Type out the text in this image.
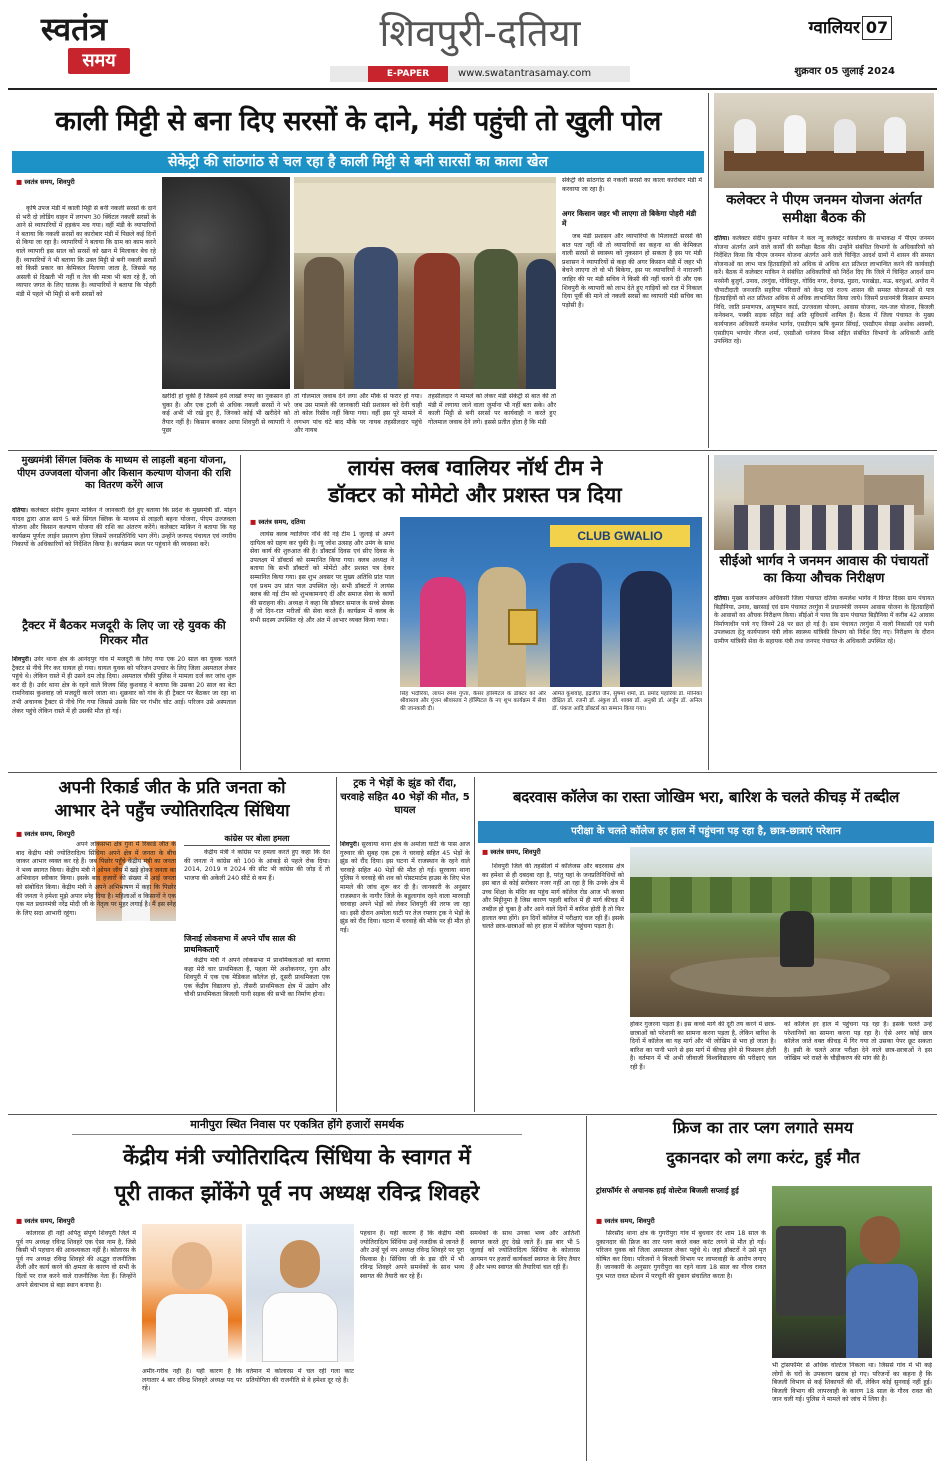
स्वतंत्र
समय
शिवपुरी-दतिया
E-PAPER	www.swatantrasamay.com
ग्वालियर 07
शुक्रवार 05 जुलाई 2024
काली मिट्टी से बना दिए सरसों के दाने, मंडी पहुंची तो खुली पोल
सेकेट्री की सांठगांठ से चल रहा है काली मिट्टी से बनी सारसों का काला खेल
■ स्वतंत्र समय, शिवपुरी
कृषि उपज मंडी में काली मिट्टी से बनी नकली सरसों के दाने से भरी दो लोडिंग वाहन में लगभग 30 क्विंटल नकली सरसों के आने से व्यापारियों में हड़कंप मच गया। वहीं मंडी के व्यापारियों ने बताया कि नकली सरसों का कारोबार मंडी में पिछले कई दिनों से किया जा रहा है। व्यापारियों ने बताया कि ग्राम का काम करने वाले व्यापारी इस साल को सरसों को खान में मिलाकर बेच रहे हैं। व्यापारियों ने भी बताया कि उक्त मिट्टी से बनी नकली सरसों को किसी प्रकार का केमिकल मिलाया जाता है, जिससे यह असली से दिखती भी नहीं व तेल की मात्रा भी बता रहे हैं, जो व्यापार जगत के लिए घातक है। व्यापारियों ने बताया कि पोहरी मंडी में पहले भी मिट्टी से बनी सरसों को
खरीदी हो चुकी है जिसमें हमें लाखों रुपए का नुकसान हो चुका है। और एक ट्राली से अधिक नकली सरसों ने भरे कई अभी भी रखे हुए हैं, जिनको कोई भी खरीदेने को तैयार नहीं है। किसान बनकर आया शिवपुरी से व्यापारी ने पूछा
तो गोलमाल जवाब देने लगा और मौके से फरार हो गया। जब उस मामले की जानकारी मंडी प्रशासन को देनी चाही तो कोल रिसीव नहीं किया गया। वहीं इस पूरे मामले में लगभग पांच घंटे बाद मौके पर नायब तहसीलदार पहुंचे और नायब
तहसीलदार ने मामले को लेकर मंडी सेकेट्री से बात की तो मंडी में लगाया जाने वाला जुर्माना भी नहीं बता सके। और काली मिट्टी से बनी सरसों पर कार्यवाही न करते हुए गोलमाल जवाब देने लगे। इससे प्रतीत होता है कि मंडी
सेकेट्री की सांठगांठ से नकली सरसों का काला कारोबार मंडी में करवाया जा रहा है।
अगर किसान जहर भी लाएगा तो बिकेगा पोहरी मंडी में
जब मंडी प्रशासन और व्यापारियों के मिलावटी सरसों की बात पता नहीं थी तो व्यापारियों का कहना था की केमिकल वाली सरसों से स्वास्थ्य को नुकसान हो सकता है इस पर मंडी प्रशासन ने व्यापारियों से कहा की अगर किसान मंडी में जहर भी बेचने लाएगा तो वो भी बिकेगा, इस पर व्यापारियों ने नाराजगी जाहिर की पर मंडी सचिव ने किसी की नहीं चलने दी और एक शिवपुरी के व्यापारी को लाभ देते हुए गाड़ियों को रात में निकाल दिया पूर्वी की माने तो नकली सरसों का व्यापारी मंडी सचिव का पड़ोसी है।
कलेक्टर ने पीएम जनमन योजना अंतर्गत समीक्षा बैठक की
दतिया। कलेक्टर संदीप कुमार माकिन ने कल न्यू कलेक्ट्रेट कार्यालय के सभाकक्ष में पीएम जनमन योजना अंतर्गत आने वाले कार्यों की समीक्षा बैठक की। उन्होंने संबंधित विभागों के अधिकारियों को निर्देशित किया कि पीएम जनमन योजना अंतर्गत आने वाले चिन्हित आदर्श ग्रामों में शासन की समस्त योजनाओं का लाभ पात्र हितग्राहियों को अधिक से अधिक शत प्रतिशत लाभान्वित करने की कार्यवाही करें। बैठक में कलेक्टर माकिन ने संबंधित अधिकारियों को निर्देश दिए कि जिले में चिन्हित आदर्श ग्राम मरसेनी बुजुर्ग, उनाव, तरगुंवा, गोविंदपुर, गोविंद नगर, देवगढ़, मुडरा, पारखेड़ा, मऊ, बरधुआं, अगोरा में चौपाटीदाती जनजाति सहरिया परिवारों को केन्द्र एवं राज्य शासन की समस्त योजनाओं से पात्र हितग्राहियों को शत प्रतिशत अधिक से अधिक लाभान्वित किया जाये। जिसमें प्रधानमंत्री किसान सम्मान निधि, जाति प्रमाणपत्र, आयुष्मान कार्ड, उज्जवला योजना, आवास योजना, नल-जल योजना, बिजली कनेक्शन, पक्की सड़क सहित कई अति सुविधायें शामिल हैं। बैठक में जिला पंचायत के मुख्य कार्यपालन अधिकारी कमलेश भार्गव, एसडीएम ऋषि कुमार सिंघई, एसडीएम सेवढ़ा अशोक अवस्थी, एसडीएम भाण्डेर नीरज शर्मा, एसडीओ धनंजय मिश्रा सहित संबंधित विभागों के अधिकारी आदि उपस्थित रहे।
मुख्यमंत्री सिंगल क्लिक के माध्यम से लाड़ली बहना योजना, पीएम उज्जवला योजना और किसान कल्याण योजना की राशि का वितरण करेंगे आज
दतिया। कलेक्टर संदीप कुमार माकिन ने जानकारी देते हुए बताया कि प्रदेश के मुख्यमंत्री डॉ. मोहन यादव द्वारा आज सायं 5 बजे सिंगल क्लिक के माध्यम से लाड़ली बहना योजना, पीएम उज्जवला योजना और किसान कल्याण योजना की राशि का अंतरण करेंगे। कलेक्टर माकिन ने बताया कि यह कार्यक्रम पूर्णतः लाईन प्रसारण होगा जिसमें जनप्रतिनिधि भाग लेंगे। उन्होंने जनपद पंचायत एवं नगरीय निकायों के अधिकारियों को निर्देशित किया है। कार्यक्रम स्थल पर पहुंचाने की व्यवस्था करें।
ट्रैक्टर में बैठकर मजदूरी के लिए जा रहे युवक की गिरकर मौत
शिवपुरी। उर्वर थाना क्षेत्र के आनंदपुर गांव में मजदूरी के लिए गया एक 20 साल का युवक चलते ट्रैक्टर से नीचे गिर कर घायल हो गया। घायल युवक को परिजन उपचार के लिए जिला अस्पताल लेकर पहुंचे थे। लेकिन रास्ते में ही उसने दम तोड़ दिया। अस्पताल चौकी पुलिस ने मामला दर्ज कर जांच शुरू कर दी है। उर्वर थाना क्षेत्र के रहने वाले विजय सिंह कुशवाह ने बताया कि उसका 20 साल का बेटा रामनिवास कुशवाह जो मजदूरी करने जाता था। शुक्रवार को गांव के ही ट्रैक्टर पर बैठकर जा रहा था तभी अचानक ट्रैक्टर से नीचे गिर गया जिससे उसके सिर पर गंभीर चोट आई। परिजन उसे अस्पताल लेकर पहुंचे लेकिन रास्ते में ही उसकी मौत हो गई।
लायंस क्लब ग्वालियर नॉर्थ टीम ने
डॉक्टर को मोमेटो और प्रशस्त पत्र दिया
■ स्वतंत्र समय, दतिया
लायंस क्लब ग्वालियर नॉर्थ की नई टीम 1 जुलाई से अपने दायित्व को ग्रहण कर चुकी है। न्यू जोश उत्साह और उमंग के साथ सेवा कार्य की शुरुआत की है। डॉक्टर्स दिवस एवं सीए दिवस के उपलक्ष्य में डॉक्टर्स को सम्मानित किया गया। क्लब अध्यक्ष ने बताया कि सभी डॉक्टरों को मोमेंटो और प्रशस्त पत्र देकर सम्मानित किया गया। इस शुभ अवसर पर मुख्य अतिथि प्रांत पाल एवं प्रथम उप प्रांत पाल उपस्थित रहे। सभी डॉक्टरों ने लायंस क्लब की नई टीम को शुभकामनाएं दीं और समाज सेवा के कार्यों की सराहना की। अध्यक्ष ने कहा कि डॉक्टर समाज के सच्चे सेवक हैं जो दिन-रात मरीजों की सेवा करते हैं। कार्यक्रम में क्लब के सभी सदस्य उपस्थित रहे और अंत में आभार व्यक्त किया गया।
CLUB GWALIO
सिंह भदौरिया, लायन रमेश गुप्ता, कैंसर हॉस्पिटल के डॉक्टर को और श्रीवास्तव और गुंजन श्रीवास्तव ने हॉस्पिटल के नए शुभ कार्यक्रम में सेवा की जानकारी दी।
अमित कुशवाह, इंद्रजीत जैन, सुषमा शर्मा, डॉ. प्रमोद पहारिया डॉ. मोनिका दीक्षित डॉ. रजनी डॉ. अंकुश डॉ. शाक्य डॉ. अनुश्री डॉ. अर्जुन डॉ. अनिल डॉ. पंकज आदि डॉक्टर्स का सम्मान किया गया।
सीईओ भार्गव ने जनमन आवास की पंचायतों का किया औचक निरीक्षण
दतिया। मुख्य कार्यपालन अधिकारी जिला पंचायत दतिया कमलेश भार्गव ने विगत दिवस ग्राम पंचायत बिड़ौनिया, उनाव, खरसाई एवं ग्राम पंचायत तरगुंवा में प्रधानमंत्री जनमन आवास योजना के हितग्राहियों के आवासों का औचक निरीक्षण किया। सीईओ ने पाया कि ग्राम पंचायत बिड़ौनिया में करीब 42 आवास निर्माणाधीन पाये गए जिनमें 28 पर छत हो गई है। ग्राम पंचायत तरगुंवा में नालों निकासी एवं पानी उपलब्धता हेतु कार्यपालन यंत्री लोक स्वास्थ्य यांत्रिकी विभाग को निर्देश दिए गए। निरीक्षण के दौरान ग्रामीण यांत्रिकी सेवा के सहायक यंत्री तथा जनपद पंचायत के अधिकारी उपस्थित रहे।
अपनी रिकार्ड जीत के प्रति जनता को
आभार देने पहुँच ज्योतिरादित्य सिंधिया
■ स्वतंत्र समय, शिवपुरी
अपने लोकसभा क्षेत्र गुना में रिकार्ड जीत के बाद केंद्रीय मंत्री ज्योतिरादित्य सिंधिया अपने क्षेत्र में जनता के बीच जाकर आभार व्यक्त कर रहे हैं। जब पिछोर पहुँचे केंद्रीय मंत्री का जनता ने भव्य स्वागत किया। केंद्रीय मंत्री ने ओपन जीप में खड़े होकर जनता का अभिवादन स्वीकार किया। इसके बाद हजारों की संख्या में आई जनता को संबोधित किया। केंद्रीय मंत्री ने अपने अभिभाषण में कहा कि पिछोर की जनता ने हमेशा मुझे अपार स्नेह दिया है। महिलाओं व किसानों ने एक एक मत प्रधानमंत्री नरेंद्र मोदी जी के नेतृत्व पर मुहर लगाई है। मैं इस स्नेह के लिए सदा आभारी रहूंगा।
कांग्रेस पर बोला हमला
केंद्रीय मंत्री ने कांग्रेस पर हमला करते हुए कहा कि देश की जनता ने कांग्रेस को 100 के आंकड़े से पहले रोक दिया। 2014, 2019 व 2024 की सीट भी कांग्रेस की जोड़ दें तो भाजपा की अकेली 240 सीटें से कम हैं।
जिनाई लोकसभा में अपने पाँच साल की प्राथमिकताएँ
केंद्रीय मंत्री ने अपने लोकसभा में प्राथमिकताओं को बताया कहा मेरी चार प्राथमिकता हैं, पहला मेरे अशोकनगर, गुना और शिवपुरी में एक एक मेडिकल कॉलेज हो, दूसरी प्राथमिकता एक एक केंद्रीय विद्यालय हो, तीसरी प्राथमिकता क्षेत्र में उद्योग और चौथी प्राथमिकता बिजली पानी सड़क की सभी का निर्माण होना।
ट्रक ने भेड़ों के झुंड को रौंदा, चरवाहे सहित 40 भेड़ों की मौत, 5 घायल
शिवपुरी। सुरवाया थाना क्षेत्र के अमोला घाटी के पास आज गुरुवार की सुबह एक ट्रक ने चरवाहे सहित 45 भेड़ों के झुंड को रौंद दिया। इस घटना में राजस्थान के रहने वाले चरवाहे सहित 40 भेड़ों की मौत हो गई। सुरवाया थाना पुलिस ने चरवाहे की शव को पोस्टमार्टम हाउस के लिए भेज मामले की जांच शुरू कर दी है। जानकारी के अनुसार राजस्थान के नागौर जिले के बडूलागांव रहने वाला मारवाड़ी चरवाहा अपने भेड़ों को लेकर शिवपुरी की तरफ जा रहा था। इसी दौरान अमोला घाटी पर तेज रफ्तार ट्रक ने भेड़ों के झुंड को रौंद दिया। घटना में चरवाहे की मौके पर ही मौत हो गई।
बदरवास कॉलेज का रास्ता जोखिम भरा, बारिश के चलते कीचड़ में तब्दील
परीक्षा के चलते कॉलेज हर हाल में पहुंचना पड़ रहा है, छात्र-छात्राएं परेशान
■ स्वतंत्र समय, शिवपुरी
शिवपुरी जिले की तहसीलों में कॉलेजस और बदरवास क्षेत्र का हमेशा से ही दबदबा रहा है, परंतु यहां के जनप्रतिनिधियों को इस बात से कोई सरोकार नजर नहीं आ रहा है कि उनके क्षेत्र में उच्च शिक्षा के मंदिर का पहुंच मार्ग कॉलेज रोड आज भी कच्चा और मिट्टीनुमा है जिस कारण पहली बारिश में ही मार्ग कीचड़ में तब्दील हो चुका है और आने वाले दिनों में बारिश होती है तो फिर हालात क्या होंगे। इन दिनों कॉलेज में परीक्षाएं चल रही हैं। इसके चलते छात्र-छात्राओं को हर हाल में कॉलेज पहुंचना पड़ता है।
होकर गुजरना पड़ता है। इस कच्चे मार्ग की दूरी तय करने में छात्र-छात्राओं को परेशानी का सामना करना पड़ता है, लेकिन बारिश के दिनों में कॉलेज का यह मार्ग और भी जोखिम से भरा हो जाता है। बारिश का पानी भरने से इस मार्ग में कीचड़ होने से फिसलन होती है। वर्तमान में भी अभी जीवाजी विश्वविद्यालय की परीक्षाएं चल रही हैं।
को कॉलेज हर हाल में पहुंचना पड़ रहा है। इसके चलते उन्हें परेशानियों का सामना करना पड़ रहा है। ऐसे अगर कोई छात्र कॉलेज जाते वक्त कीचड़ में गिर गया तो उसका पेपर छूट सकता है। इसी के चलते आज परीक्षा देने वाले छात्र-छात्राओं ने इस जोखिम भरे रास्ते के चौड़ीकरण की मांग की है।
मानीपुरा स्थित निवास पर एकत्रित होंगे हजारों समर्थक
केंद्रीय मंत्री ज्योतिरादित्य सिंधिया के स्वागत में
पूरी ताकत झोंकेंगे पूर्व नप अध्यक्ष रविन्द्र शिवहरे
■ स्वतंत्र समय, शिवपुरी
कोलारस ही नहीं अपितु संपूर्ण शिवपुरी जिले में पूर्व नप अध्यक्ष रविन्द्र शिवहरे एक ऐसा नाम है, जिसे किसी भी पहचान की आवश्यकता नहीं है। कोलारस के पूर्व नप अध्यक्ष रविन्द्र शिवहरे की अद्भुत राजनीतिक शैली और कार्य करने की क्षमता के कारण वो सभी के दिलों पर राज करने वाले राजनीतिक नेता हैं। जिन्होंने अपने सेवाभाव से बड़ा स्थान बनाया है।
अमीर-गरीब नहीं है। यही कारण है कि लगातार 4 बार रविन्द्र शिवहरे अध्यक्ष पद पर रहे।
वर्तमान में कोलारस में चल रही गला काट प्रतियोगिता की राजनीति से वे हमेशा दूर रहे हैं।
पहचान है। यही कारण है कि केंद्रीय मंत्री ज्योतिरादित्य सिंधिया उन्हें नजदीक से जानते हैं और उन्हें पूर्व नप अध्यक्ष रविन्द्र शिवहरे पर पूरा विश्वास है। सिंधिया जी के इस दौरे में भी रविन्द्र शिवहरे अपने समर्थकों के साथ भव्य स्वागत की तैयारी कर रहे हैं।
समर्थकों के साथ उनका भव्य और आतिशी स्वागत करते हुए देखे जाते हैं। इस बार भी 5 जुलाई को ज्योतिरादित्य सिंधिया के कोलारस आगमन पर हजारों कार्यकर्ता स्वागत के लिए तैयार हैं और भव्य स्वागत की तैयारियां चल रही हैं।
फ्रिज का तार प्लग लगाते समय
दुकानदार को लगा करंट, हुई मौत
ट्रांसफॉर्मर से अचानक हाई वोल्टेज बिजली सप्लाई हुई
■ स्वतंत्र समय, शिवपुरी
सिरसौद थाना क्षेत्र के गुगरीपुरा गांव में बुधवार देर शाम 18 साल के दुकानदार की फ्रिज का तार प्लग करते वक्त करंट लगने से मौत हो गई। परिजन युवक को जिला अस्पताल लेकर पहुंचे थे। जहां डॉक्टरों ने उसे मृत घोषित कर दिया। परिजनों ने बिजली विभाग पर लापरवाही के आरोप लगाए हैं। जानकारी के अनुसार गुगरीपुरा का रहने वाला 18 साल का गौरव रावत पुत्र भरत रावत स्टेशन में परचूनी की दुकान संचालित करता है।
भी ट्रांसफॉर्मर से अधिक वोल्टेज निकला था। जिससे गांव में भी कई लोगों के घरों के उपकरण खराब हो गए। परिजनों का कहना है कि बिजली विभाग से कई शिकायतें की थीं, लेकिन कोई सुनवाई नहीं हुई। बिजली विभाग की लापरवाही के कारण 18 साल के गौरव रावत की जान चली गई। पुलिस ने मामले को जांच में लिया है।
